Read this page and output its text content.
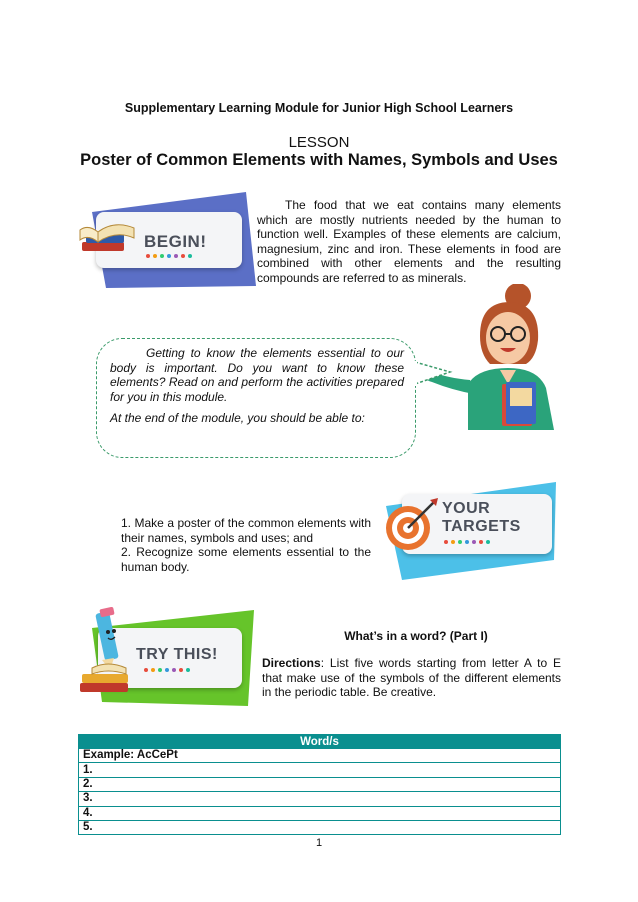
Supplementary Learning Module for Junior High School Learners
LESSON
Poster of Common Elements with Names, Symbols and Uses
BEGIN!
The food that we eat contains many elements which are mostly nutrients needed by the human to function well. Examples of these elements are calcium, magnesium, zinc and iron. These elements in food are combined with other elements and the resulting compounds are referred to as minerals.

Getting to know the elements essential to our body is important. Do you want to know these elements? Read on and perform the activities prepared for you in this module.

At the end of the module, you should be able to:

YOUR
TARGETS

1. Make a poster of the common elements with their names, symbols and uses; and

2. Recognize some elements essential to the human body.

TRY THIS!
What’s in a word? (Part I)
Directions: List five words starting from letter A to E that make use of the symbols of the different elements in the periodic table. Be creative.
Word/s
Example: AcCePt
1.
2.
3.
4.
5.
1
